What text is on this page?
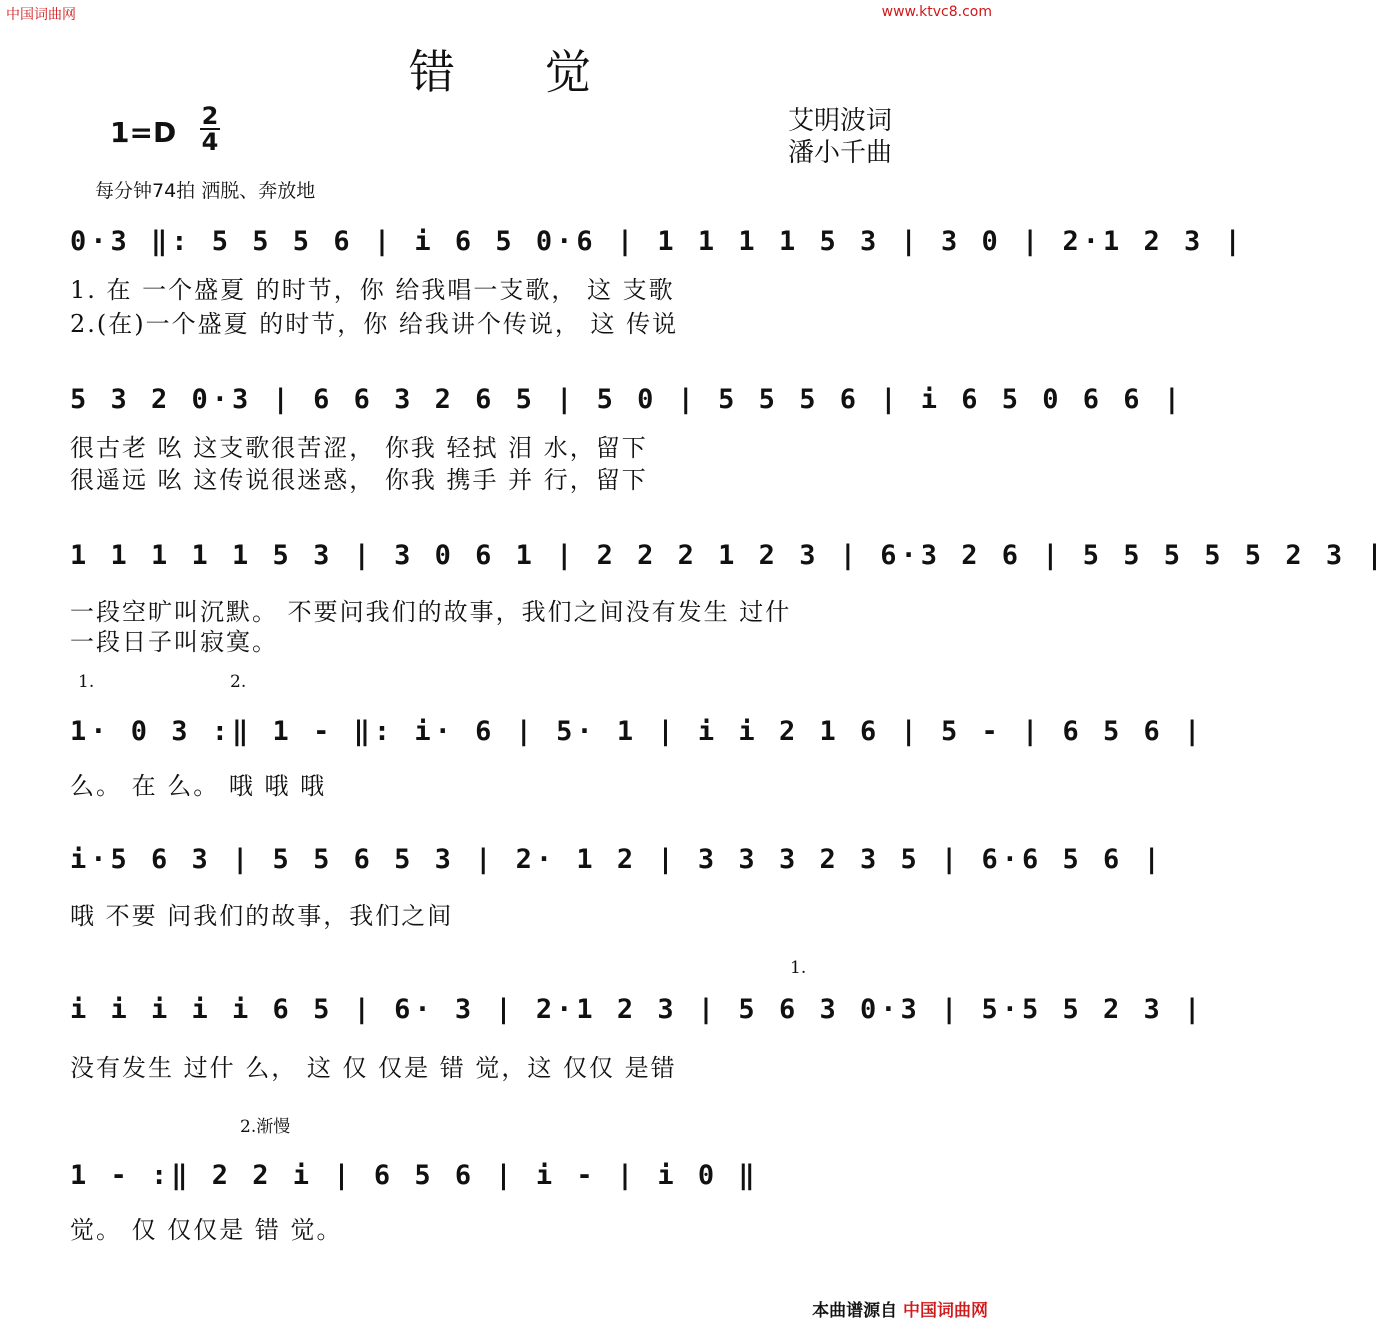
中国词曲网	www.ktvc8.com
错觉
1=D 2
4
艾明波词
潘小千曲
每分钟74拍 洒脱、奔放地
0·3 ‖: 5 5 5 6 | i 6 5 0·6 | 1 1 1 1 5 3 | 3 0 | 2·1 2 3 |
1. 在 一个盛夏 的时节，你 给我唱一支歌， 这 支歌
2.(在)一个盛夏 的时节，你 给我讲个传说， 这 传说
5 3 2 0·3 | 6 6 3 2 6 5 | 5 0 | 5 5 5 6 | i 6 5 0 6 6 |
很古老 吆 这支歌很苦涩， 你我 轻拭 泪 水，留下
很遥远 吆 这传说很迷惑， 你我 携手 并 行，留下
1 1 1 1 1 5 3 | 3 0 6 1 | 2 2 2 1 2 3 | 6·3 2 6 | 5 5 5 5 5 2 3 |
一段空旷叫沉默。 不要问我们的故事，我们之间没有发生 过什
一段日子叫寂寞。
1.	2.
1· 0 3 :‖ 1 - ‖: i· 6 | 5· 1 | i i 2 1 6 | 5 - | 6 5 6 |
么。 在 么。 哦 哦 哦
i·5 6 3 | 5 5 6 5 3 | 2· 1 2 | 3 3 3 2 3 5 | 6·6 5 6 |
哦 不要 问我们的故事，我们之间
1.
i i i i i 6 5 | 6· 3 | 2·1 2 3 | 5 6 3 0·3 | 5·5 5 2 3 |
没有发生 过什 么， 这 仅 仅是 错 觉，这 仅仅 是错
2.渐慢
1 - :‖ 2 2 i | 6 5 6 | i - | i 0 ‖
觉。 仅 仅仅是 错 觉。
本曲谱源自 中国词曲网
